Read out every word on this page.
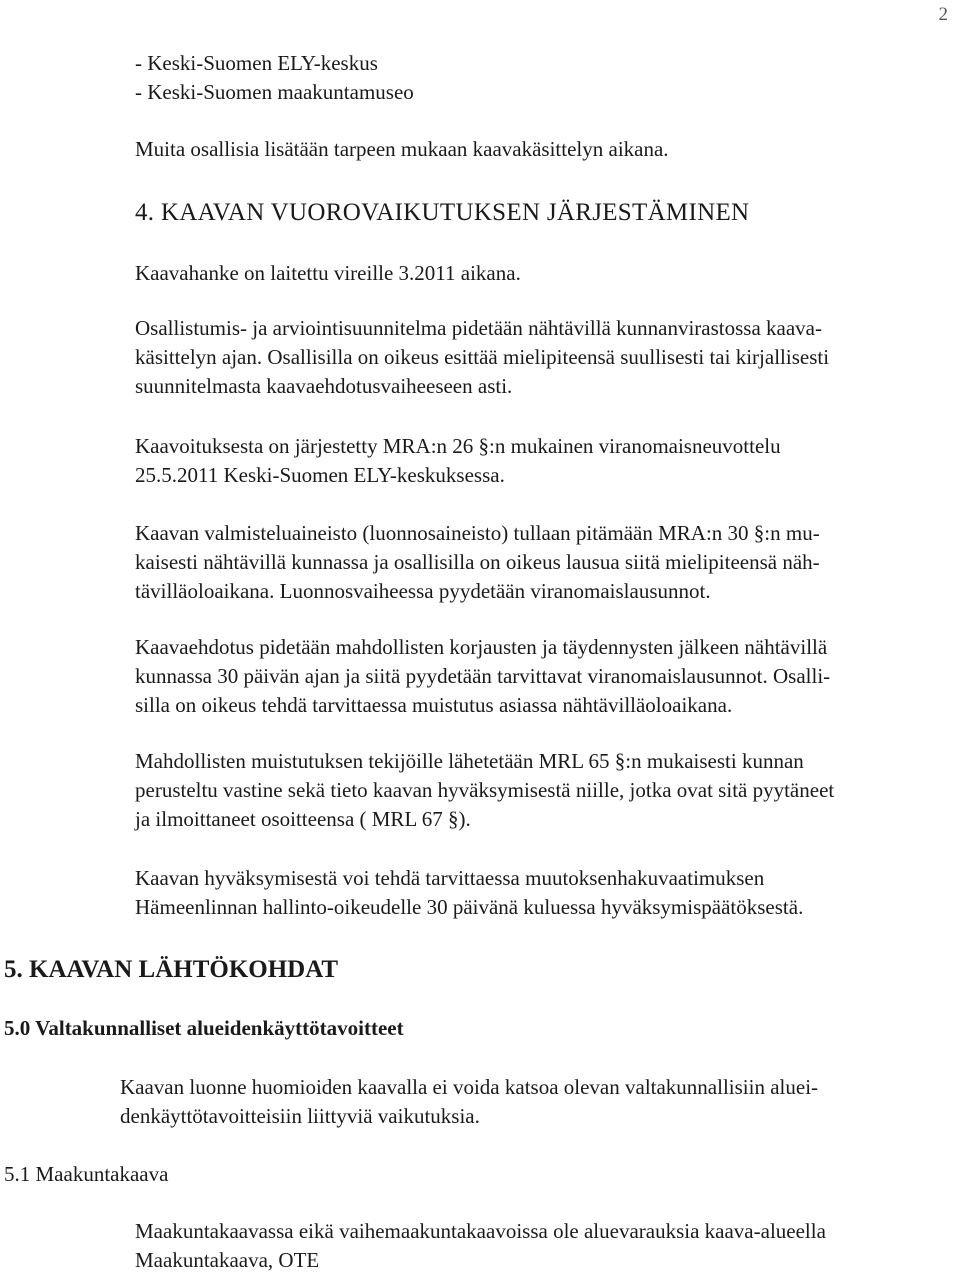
2

- Keski-Suomen ELY-keskus
- Keski-Suomen maakuntamuseo

Muita osallisia lisätään tarpeen mukaan kaavakäsittelyn aikana.

4. KAAVAN VUOROVAIKUTUKSEN JÄRJESTÄMINEN

Kaavahanke on laitettu vireille 3.2011 aikana.

Osallistumis- ja arviointisuunnitelma pidetään nähtävillä kunnanvirastossa kaava-
käsittelyn ajan. Osallisilla on oikeus esittää mielipiteensä suullisesti tai kirjallisesti
suunnitelmasta kaavaehdotusvaiheeseen asti.

Kaavoituksesta on järjestetty MRA:n 26 §:n mukainen viranomaisneuvottelu
25.5.2011 Keski-Suomen ELY-keskuksessa.

Kaavan valmisteluaineisto (luonnosaineisto) tullaan pitämään MRA:n 30 §:n mu-
kaisesti nähtävillä kunnassa ja osallisilla on oikeus lausua siitä mielipiteensä näh-
tävilläoloaikana. Luonnosvaiheessa pyydetään viranomaislausunnot.

Kaavaehdotus pidetään mahdollisten korjausten ja täydennysten jälkeen nähtävillä
kunnassa 30 päivän ajan ja siitä pyydetään tarvittavat viranomaislausunnot. Osalli-
silla on oikeus tehdä tarvittaessa muistutus asiassa nähtävilläoloaikana.

Mahdollisten muistutuksen tekijöille lähetetään MRL 65 §:n mukaisesti kunnan
perusteltu vastine sekä tieto kaavan hyväksymisestä niille, jotka ovat sitä pyytäneet
ja ilmoittaneet osoitteensa ( MRL 67 §).

Kaavan hyväksymisestä voi tehdä tarvittaessa muutoksenhakuvaatimuksen
Hämeenlinnan hallinto-oikeudelle 30 päivänä kuluessa hyväksymispäätöksestä.

5. KAAVAN LÄHTÖKOHDAT
5.0 Valtakunnalliset alueidenkäyttötavoitteet

Kaavan luonne huomioiden kaavalla ei voida katsoa olevan valtakunnallisiin aluei-
denkäyttötavoitteisiin liittyviä vaikutuksia.

5.1 Maakuntakaava

Maakuntakaavassa eikä vaihemaakuntakaavoissa ole aluevarauksia kaava-alueella
Maakuntakaava, OTE
